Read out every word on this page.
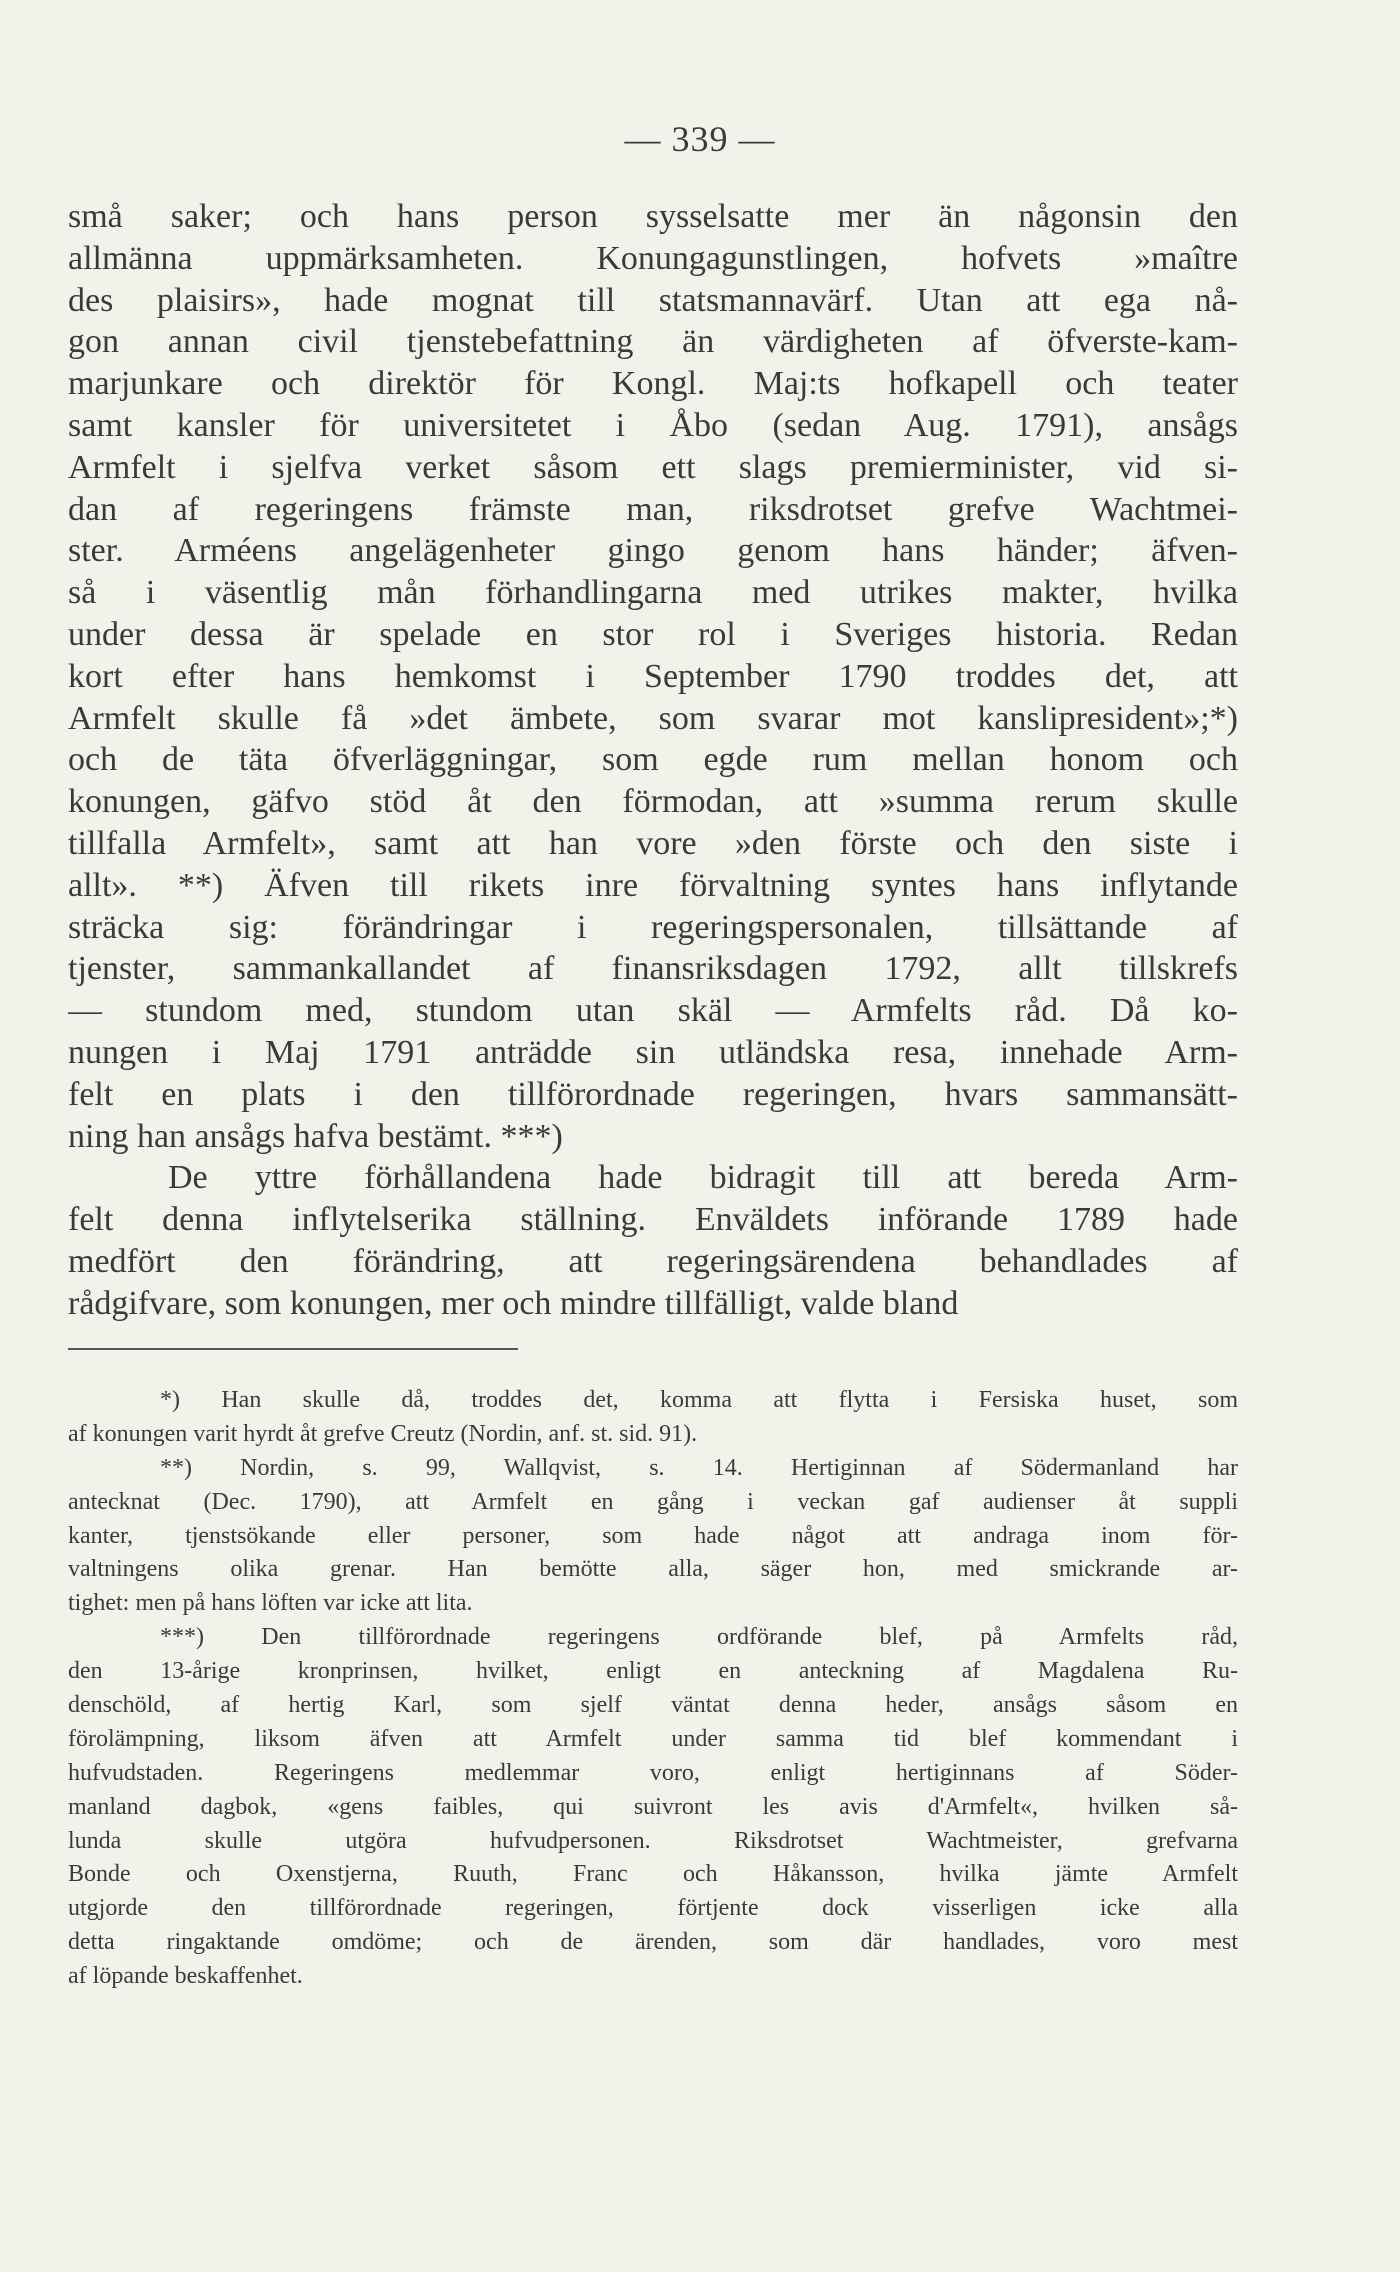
— 339 —
små saker; och hans person sysselsatte mer än någonsin den
allmänna uppmärksamheten. Konungagunstlingen, hofvets »maître
des plaisirs», hade mognat till statsmannavärf. Utan att ega nå-
gon annan civil tjenstebefattning än värdigheten af öfverste-kam-
marjunkare och direktör för Kongl. Maj:ts hofkapell och teater
samt kansler för universitetet i Åbo (sedan Aug. 1791), ansågs
Armfelt i sjelfva verket såsom ett slags premierminister, vid si-
dan af regeringens främste man, riksdrotset grefve Wachtmei-
ster. Arméens angelägenheter gingo genom hans händer; äfven-
så i väsentlig mån förhandlingarna med utrikes makter, hvilka
under dessa är spelade en stor rol i Sveriges historia. Redan
kort efter hans hemkomst i September 1790 troddes det, att
Armfelt skulle få »det ämbete, som svarar mot kanslipresident»;*)
och de täta öfverläggningar, som egde rum mellan honom och
konungen, gäfvo stöd åt den förmodan, att »summa rerum skulle
tillfalla Armfelt», samt att han vore »den förste och den siste i
allt». **) Äfven till rikets inre förvaltning syntes hans inflytande
sträcka sig: förändringar i regeringspersonalen, tillsättande af
tjenster, sammankallandet af finansriksdagen 1792, allt tillskrefs
— stundom med, stundom utan skäl — Armfelts råd. Då ko-
nungen i Maj 1791 anträdde sin utländska resa, innehade Arm-
felt en plats i den tillförordnade regeringen, hvars sammansätt-
ning han ansågs hafva bestämt. ***)
De yttre förhållandena hade bidragit till att bereda Arm-
felt denna inflytelserika ställning. Enväldets införande 1789 hade
medfört den förändring, att regeringsärendena behandlades af
rådgifvare, som konungen, mer och mindre tillfälligt, valde bland
*) Han skulle då, troddes det, komma att flytta i Fersiska huset, som
af konungen varit hyrdt åt grefve Creutz (Nordin, anf. st. sid. 91).
**) Nordin, s. 99, Wallqvist, s. 14. Hertiginnan af Södermanland har
antecknat (Dec. 1790), att Armfelt en gång i veckan gaf audienser åt suppli
kanter, tjenstsökande eller personer, som hade något att andraga inom för-
valtningens olika grenar. Han bemötte alla, säger hon, med smickrande ar-
tighet: men på hans löften var icke att lita.
***) Den tillförordnade regeringens ordförande blef, på Armfelts råd,
den 13-årige kronprinsen, hvilket, enligt en anteckning af Magdalena Ru-
denschöld, af hertig Karl, som sjelf väntat denna heder, ansågs såsom en
förolämpning, liksom äfven att Armfelt under samma tid blef kommendant i
hufvudstaden. Regeringens medlemmar voro, enligt hertiginnans af Söder-
manland dagbok, «gens faibles, qui suivront les avis d'Armfelt«, hvilken så-
lunda skulle utgöra hufvudpersonen. Riksdrotset Wachtmeister, grefvarna
Bonde och Oxenstjerna, Ruuth, Franc och Håkansson, hvilka jämte Armfelt
utgjorde den tillförordnade regeringen, förtjente dock visserligen icke alla
detta ringaktande omdöme; och de ärenden, som där handlades, voro mest
af löpande beskaffenhet.
